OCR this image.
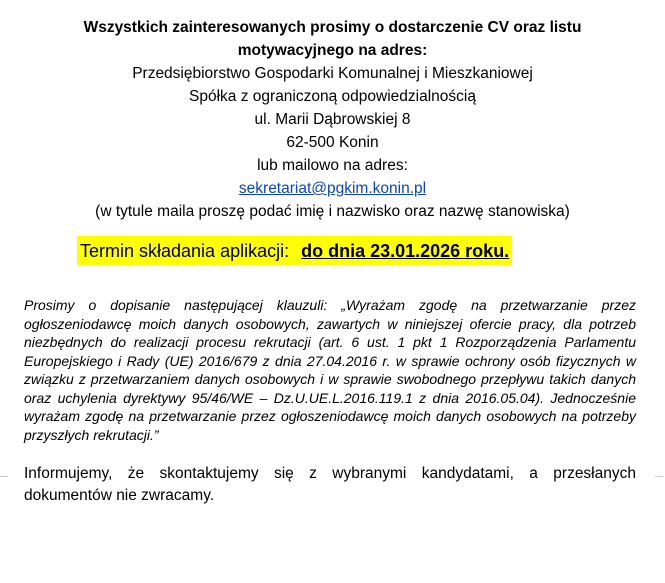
Wszystkich zainteresowanych prosimy o dostarczenie CV oraz listu
motywacyjnego na adres:
Przedsiębiorstwo Gospodarki Komunalnej i Mieszkaniowej
Spółka z ograniczoną odpowiedzialnością
ul. Marii Dąbrowskiej 8
62-500 Konin
lub mailowo na adres:
sekretariat@pgkim.konin.pl
(w tytule maila proszę podać imię i nazwisko oraz nazwę stanowiska)
Termin składania aplikacji: do dnia 23.01.2026 roku.
Prosimy o dopisanie następującej klauzuli: „Wyrażam zgodę na przetwarzanie przez ogłoszeniodawcę moich danych osobowych, zawartych w niniejszej ofercie pracy, dla potrzeb niezbędnych do realizacji procesu rekrutacji (art. 6 ust. 1 pkt 1 Rozporządzenia Parlamentu Europejskiego i Rady (UE) 2016/679 z dnia 27.04.2016 r. w sprawie ochrony osób fizycznych w związku z przetwarzaniem danych osobowych i w sprawie swobodnego przepływu takich danych oraz uchylenia dyrektywy 95/46/WE – Dz.U.UE.L.2016.119.1 z dnia 2016.05.04). Jednocześnie wyrażam zgodę na przetwarzanie przez ogłoszeniodawcę moich danych osobowych na potrzeby przyszłych rekrutacji.”
Informujemy, że skontaktujemy się z wybranymi kandydatami, a przesłanych dokumentów nie zwracamy.
